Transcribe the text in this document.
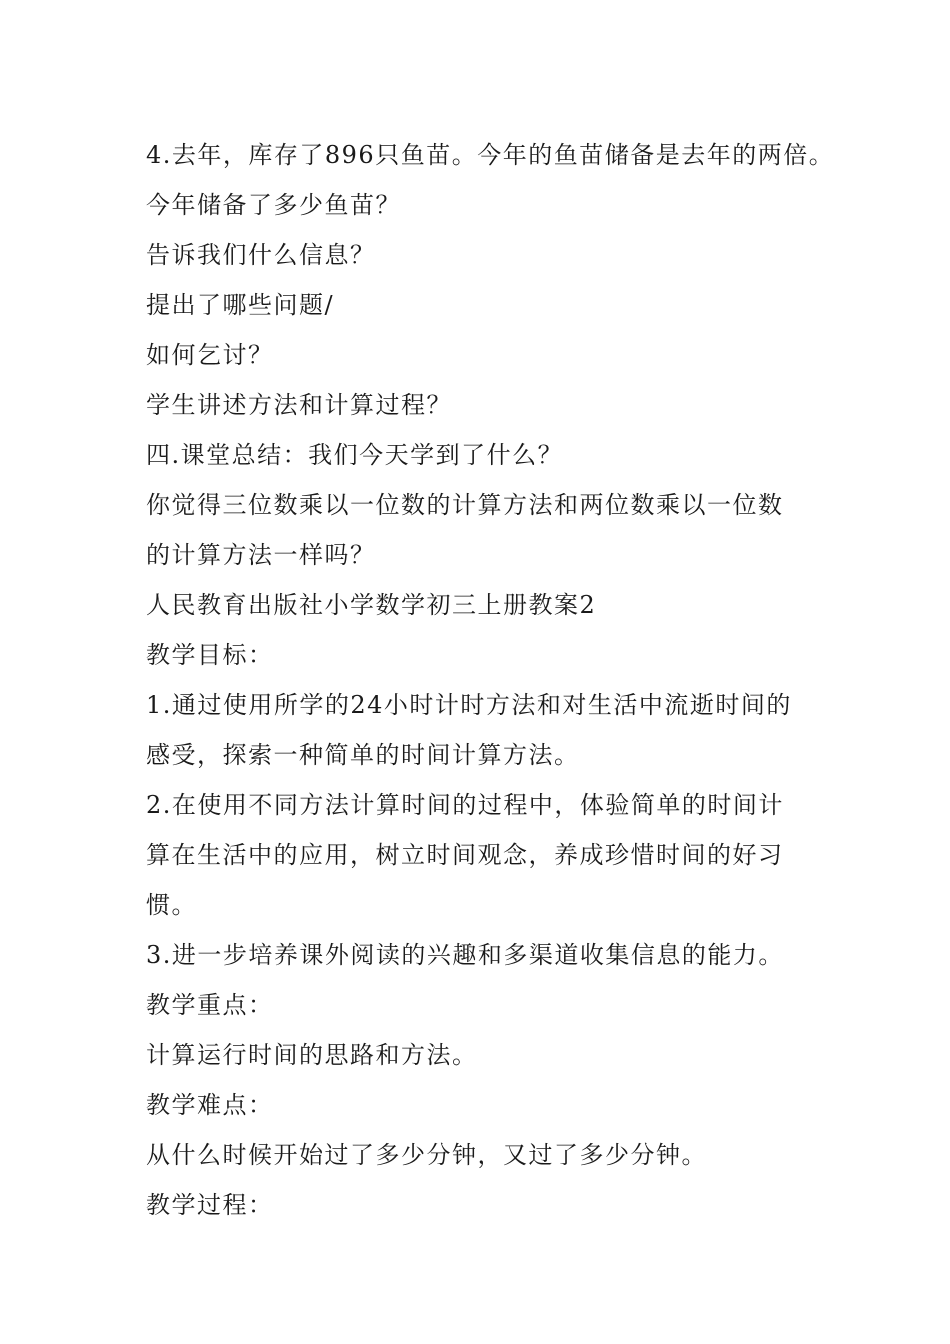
4.去年，库存了896只鱼苗。今年的鱼苗储备是去年的两倍。
今年储备了多少鱼苗？
告诉我们什么信息？
提出了哪些问题/
如何乞讨？
学生讲述方法和计算过程？
四.课堂总结：我们今天学到了什么？
你觉得三位数乘以一位数的计算方法和两位数乘以一位数
的计算方法一样吗？
人民教育出版社小学数学初三上册教案2
教学目标：
1.通过使用所学的24小时计时方法和对生活中流逝时间的
感受，探索一种简单的时间计算方法。
2.在使用不同方法计算时间的过程中，体验简单的时间计
算在生活中的应用，树立时间观念，养成珍惜时间的好习
惯。
3.进一步培养课外阅读的兴趣和多渠道收集信息的能力。
教学重点：
计算运行时间的思路和方法。
教学难点：
从什么时候开始过了多少分钟，又过了多少分钟。
教学过程：
